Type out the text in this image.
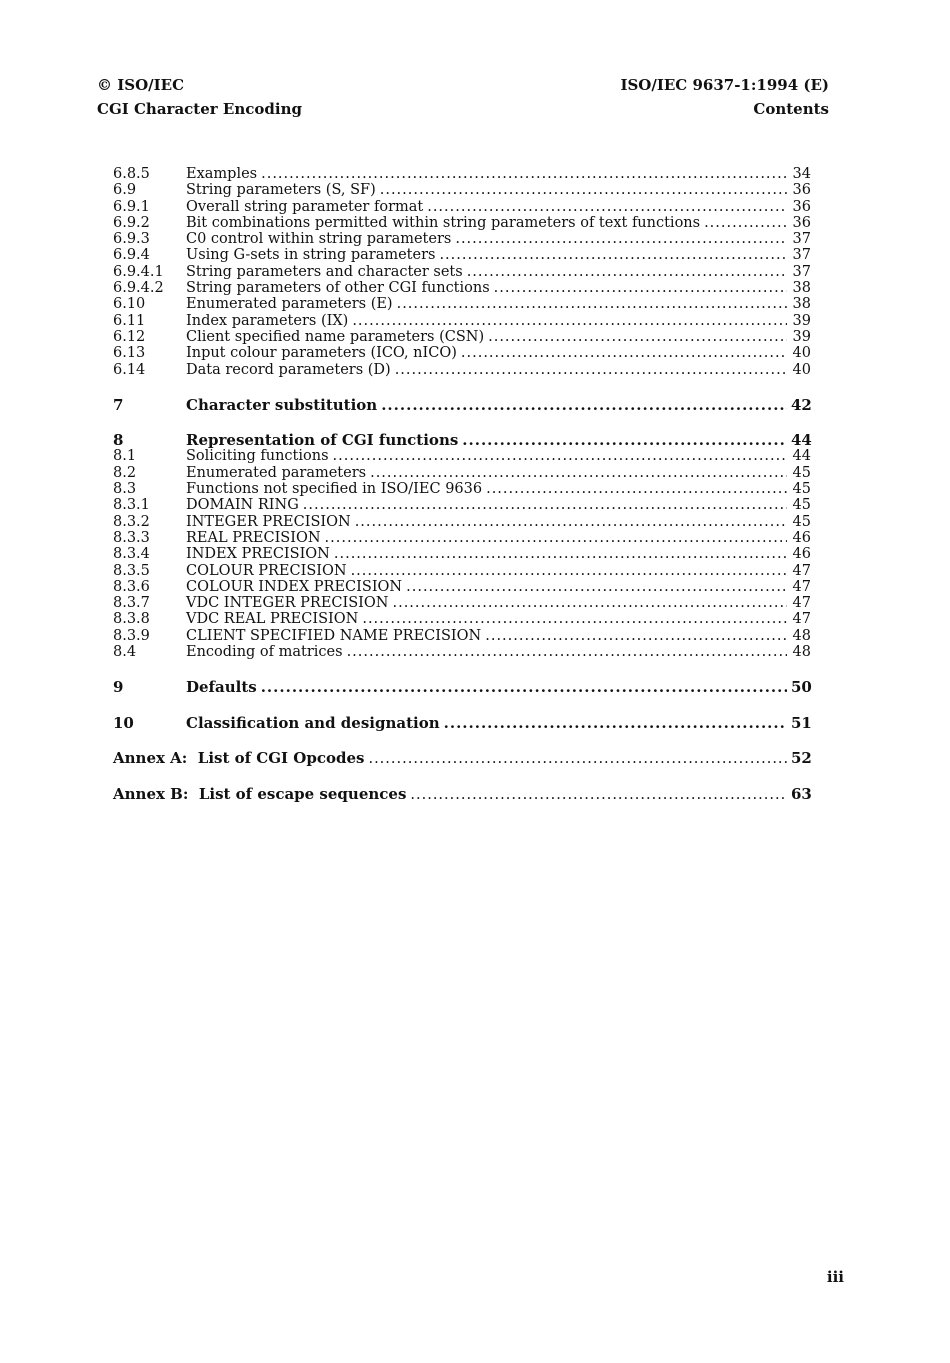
© ISO/IEC
CGI Character Encoding
ISO/IEC 9637-1:1994 (E)
Contents
6.8.5	Examples .....	34
6.9	String parameters (S, SF) .....	36
6.9.1	Overall string parameter format .....	36
6.9.2	Bit combinations permitted within string parameters of text functions .....	36
6.9.3	C0 control within string parameters .....	37
6.9.4	Using G-sets in string parameters .....	37
6.9.4.1	String parameters and character sets .....	37
6.9.4.2	String parameters of other CGI functions .....	38
6.10	Enumerated parameters (E) .....	38
6.11	Index parameters (IX) .....	39
6.12	Client specified name parameters (CSN) .....	39
6.13	Input colour parameters (ICO, nICO) .....	40
6.14	Data record parameters (D) .....	40
7	Character substitution .....	42
8	Representation of CGI functions .....	44
8.1	Soliciting functions .....	44
8.2	Enumerated parameters .....	45
8.3	Functions not specified in ISO/IEC 9636 .....	45
8.3.1	DOMAIN RING .....	45
8.3.2	INTEGER PRECISION .....	45
8.3.3	REAL PRECISION .....	46
8.3.4	INDEX PRECISION .....	46
8.3.5	COLOUR PRECISION .....	47
8.3.6	COLOUR INDEX PRECISION .....	47
8.3.7	VDC INTEGER PRECISION .....	47
8.3.8	VDC REAL PRECISION .....	47
8.3.9	CLIENT SPECIFIED NAME PRECISION .....	48
8.4	Encoding of matrices .....	48
9	Defaults .....	50
10	Classification and designation .....	51
Annex A:  List of CGI Opcodes .....	52
Annex B:  List of escape sequences .....	63
iii
